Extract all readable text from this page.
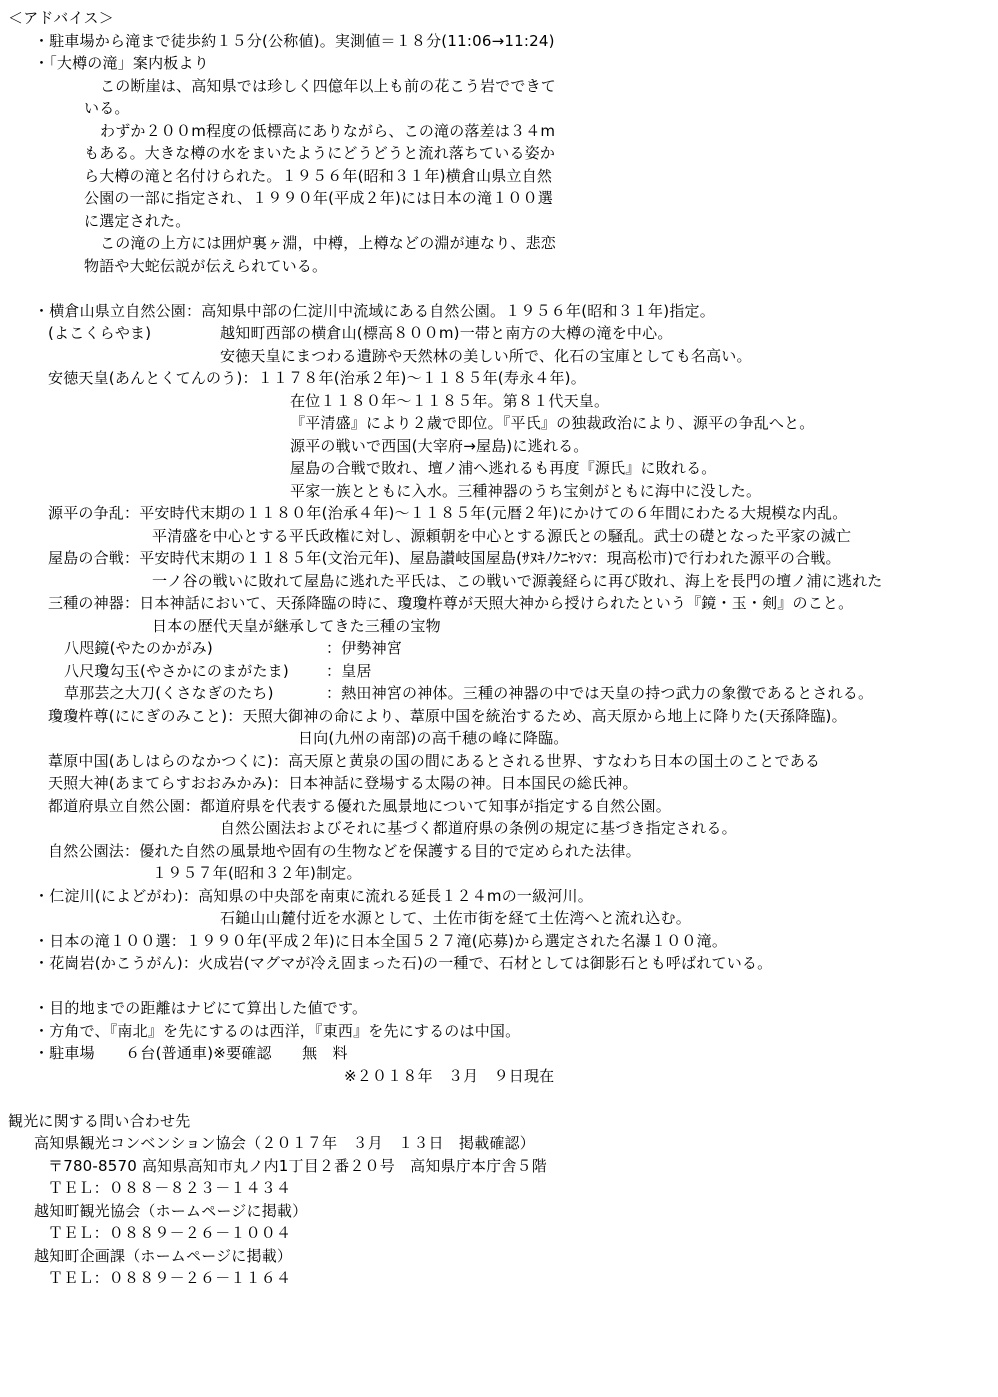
＜アドバイス＞
・駐車場から滝まで徒歩約１５分(公称値)。実測値＝１８分(11:06→11:24)
・「大樽の滝」案内板より
この断崖は、高知県では珍しく四億年以上も前の花こう岩でできて
いる。
わずか２００m程度の低標高にありながら、この滝の落差は３４m
もある。大きな樽の水をまいたようにどうどうと流れ落ちている姿か
ら大樽の滝と名付けられた。１９５６年(昭和３１年)横倉山県立自然
公園の一部に指定され、１９９０年(平成２年)には日本の滝１００選
に選定された。
この滝の上方には囲炉裏ヶ淵，中樽，上樽などの淵が連なり、悲恋
物語や大蛇伝説が伝えられている。
・横倉山県立自然公園：高知県中部の仁淀川中流域にある自然公園。１９５６年(昭和３１年)指定。
(よこくらやま)	越知町西部の横倉山(標高８００m)一帯と南方の大樽の滝を中心。
安徳天皇にまつわる遺跡や天然林の美しい所で、化石の宝庫としても名高い。
安徳天皇(あんとくてんのう)：１１７８年(治承２年)～１１８５年(寿永４年)。
在位１１８０年～１１８５年。第８１代天皇。
『平清盛』により２歳で即位。『平氏』の独裁政治により、源平の争乱へと。
源平の戦いで西国(大宰府→屋島)に逃れる。
屋島の合戦で敗れ、壇ノ浦へ逃れるも再度『源氏』に敗れる。
平家一族とともに入水。三種神器のうち宝剣がともに海中に没した。
源平の争乱：平安時代末期の１１８０年(治承４年)～１１８５年(元暦２年)にかけての６年間にわたる大規模な内乱。
平清盛を中心とする平氏政権に対し、源頼朝を中心とする源氏との騒乱。武士の礎となった平家の滅亡
屋島の合戦：平安時代末期の１１８５年(文治元年)、屋島讃岐国屋島(ｻﾇｷﾉｸﾆﾔｼﾏ：現高松市)で行われた源平の合戦。
一ノ谷の戦いに敗れて屋島に逃れた平氏は、この戦いで源義経らに再び敗れ、海上を長門の壇ノ浦に逃れた
三種の神器：日本神話において、天孫降臨の時に、瓊瓊杵尊が天照大神から授けられたという『鏡・玉・剣』のこと。
日本の歴代天皇が継承してきた三種の宝物
八咫鏡(やたのかがみ)	：伊勢神宮
八尺瓊勾玉(やさかにのまがたま) ：皇居
草那芸之大刀(くさなぎのたち)	：熱田神宮の神体。三種の神器の中では天皇の持つ武力の象徴であるとされる。
瓊瓊杵尊(ににぎのみこと)：天照大御神の命により、葦原中国を統治するため、高天原から地上に降りた(天孫降臨)。
日向(九州の南部)の高千穂の峰に降臨。
葦原中国(あしはらのなかつくに)：高天原と黄泉の国の間にあるとされる世界、すなわち日本の国土のことである
天照大神(あまてらすおおみかみ)：日本神話に登場する太陽の神。日本国民の総氏神。
都道府県立自然公園：都道府県を代表する優れた風景地について知事が指定する自然公園。
自然公園法およびそれに基づく都道府県の条例の規定に基づき指定される。
自然公園法：優れた自然の風景地や固有の生物などを保護する目的で定められた法律。
１９５７年(昭和３２年)制定。
・仁淀川(によどがわ)：高知県の中央部を南東に流れる延長１２４mの一級河川。
石鎚山山麓付近を水源として、土佐市街を経て土佐湾へと流れ込む。
・日本の滝１００選：１９９０年(平成２年)に日本全国５２７滝(応募)から選定された名瀑１００滝。
・花崗岩(かこうがん)：火成岩(マグマが冷え固まった石)の一種で、石材としては御影石とも呼ばれている。
・目的地までの距離はナビにて算出した値です。
・方角で、『南北』を先にするのは西洋，『東西』を先にするのは中国。
・駐車場　　６台(普通車)※要確認　　無　料
※２０１８年　３月　９日現在
観光に関する問い合わせ先
高知県観光コンベンション協会（２０１７年　３月　１３日　掲載確認）
〒780-8570 高知県高知市丸ノ内1丁目２番２０号　高知県庁本庁舎５階
ＴＥＬ：０８８－８２３－１４３４
越知町観光協会（ホームページに掲載）
ＴＥＬ：０８８９－２６－１００４
越知町企画課（ホームページに掲載）
ＴＥＬ：０８８９－２６－１１６４
